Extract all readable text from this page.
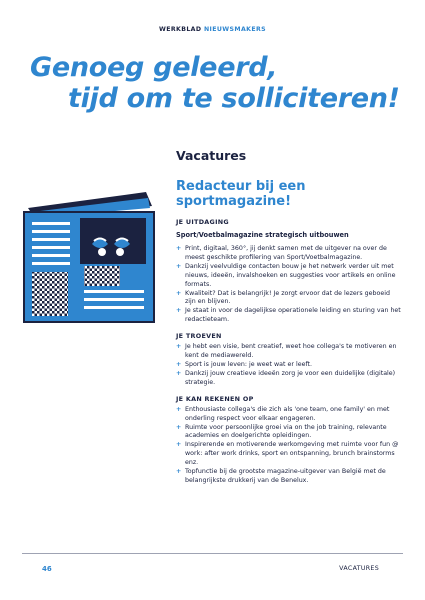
WERKBLAD NIEUWSMAKERS
Genoeg geleerd,
tijd om te solliciteren!
Vacatures
Redacteur bij een sportmagazine!
JE UITDAGING
Sport/Voetbalmagazine strategisch uitbouwen
+ Print, digitaal, 360°, jij denkt samen met de uitgever na over de meest geschikte profilering van Sport/Voetbalmagazine.
+ Dankzij veelvuldige contacten bouw je het netwerk verder uit met nieuws, ideeën, invalshoeken en suggesties voor artikels en online formats.
+ Kwaliteit? Dat is belangrijk! Je zorgt ervoor dat de lezers geboeid zijn en blijven.
+ Je staat in voor de dagelijkse operationele leiding en sturing van het redactieteam.
JE TROEVEN
+ Je hebt een visie, bent creatief, weet hoe collega's te motiveren en kent de mediawereld.
+ Sport is jouw leven: je weet wat er leeft.
+ Dankzij jouw creatieve ideeën zorg je voor een duidelijke (digitale) strategie.
JE KAN REKENEN OP
+ Enthousiaste collega's die zich als 'one team, one family' en met onderling respect voor elkaar engageren.
+ Ruimte voor persoonlijke groei via on the job training, relevante academies en doelgerichte opleidingen.
+ Inspirerende en motiverende werkomgeving met ruimte voor fun @ work: after work drinks, sport en ontspanning, brunch brainstorms enz.
+ Topfunctie bij de grootste magazine-uitgever van België met de belangrijkste drukkerij van de Benelux.
46	VACATURES
